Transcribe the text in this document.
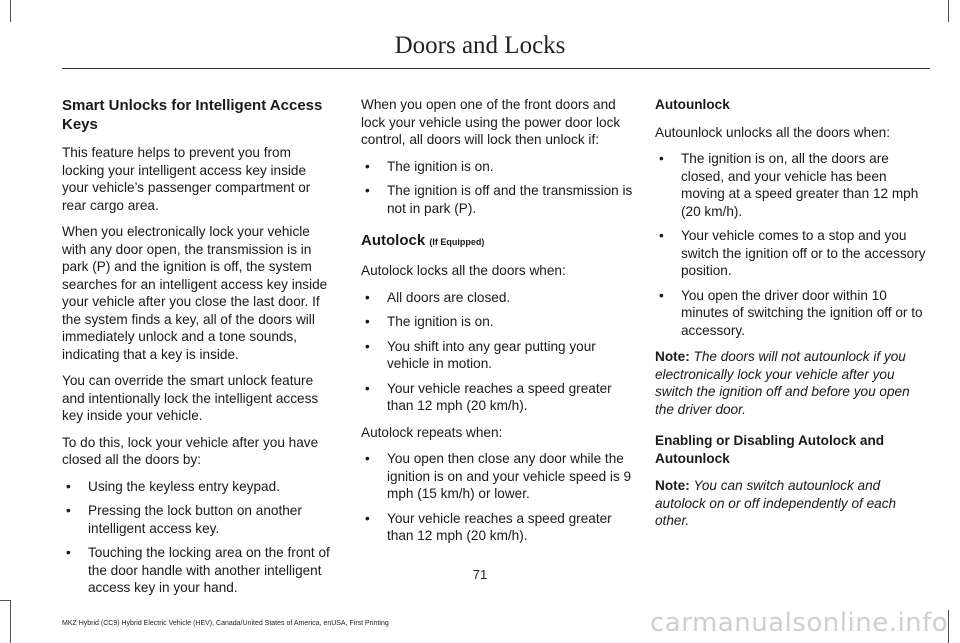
Doors and Locks
Smart Unlocks for Intelligent Access Keys

This feature helps to prevent you from locking your intelligent access key inside your vehicle’s passenger compartment or rear cargo area.

When you electronically lock your vehicle with any door open, the transmission is in park (P) and the ignition is off, the system searches for an intelligent access key inside your vehicle after you close the last door. If the system finds a key, all of the doors will immediately unlock and a tone sounds, indicating that a key is inside.

You can override the smart unlock feature and intentionally lock the intelligent access key inside your vehicle.

To do this, lock your vehicle after you have closed all the doors by:

• Using the keyless entry keypad.
• Pressing the lock button on another intelligent access key.
• Touching the locking area on the front of the door handle with another intelligent access key in your hand.

When you open one of the front doors and lock your vehicle using the power door lock control, all doors will lock then unlock if:

• The ignition is on.
• The ignition is off and the transmission is not in park (P).
Autolock (If Equipped)

Autolock locks all the doors when:

• All doors are closed.
• The ignition is on.
• You shift into any gear putting your vehicle in motion.
• Your vehicle reaches a speed greater than 12 mph (20 km/h).

Autolock repeats when:

• You open then close any door while the ignition is on and your vehicle speed is 9 mph (15 km/h) or lower.
• Your vehicle reaches a speed greater than 12 mph (20 km/h).
Autounlock

Autounlock unlocks all the doors when:

• The ignition is on, all the doors are closed, and your vehicle has been moving at a speed greater than 12 mph (20 km/h).
• Your vehicle comes to a stop and you switch the ignition off or to the accessory position.
• You open the driver door within 10 minutes of switching the ignition off or to accessory.

Note: The doors will not autounlock if you electronically lock your vehicle after you switch the ignition off and before you open the driver door.

Enabling or Disabling Autolock and Autounlock

Note: You can switch autounlock and autolock on or off independently of each other.

71
MKZ Hybrid (CC9) Hybrid Electric Vehicle (HEV), Canada/United States of America, enUSA, First Printing	carmanualsonline.info
